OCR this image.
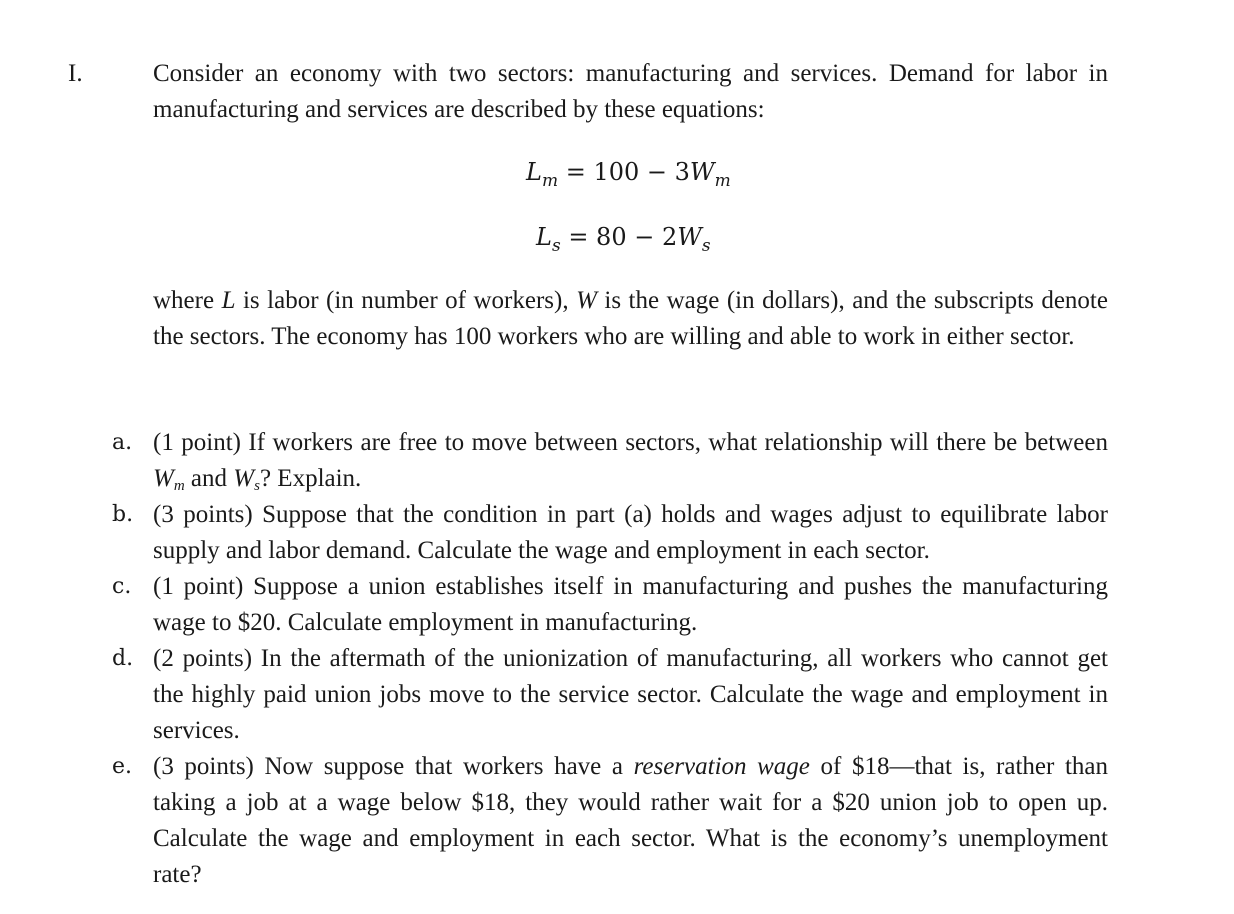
I.	Consider an economy with two sectors: manufacturing and services. Demand for labor in manufacturing and services are described by these equations:
$L_m = 100 - 3W_m$
$L_s = 80 - 2W_s$
where L is labor (in number of workers), W is the wage (in dollars), and the subscripts denote the sectors. The economy has 100 workers who are willing and able to work in either sector.
a. (1 point) If workers are free to move between sectors, what relationship will there be between $W_m$ and $W_s$? Explain.
b. (3 points) Suppose that the condition in part (a) holds and wages adjust to equilibrate labor supply and labor demand. Calculate the wage and employment in each sector.
c. (1 point) Suppose a union establishes itself in manufacturing and pushes the manufacturing wage to $20. Calculate employment in manufacturing.
d. (2 points) In the aftermath of the unionization of manufacturing, all workers who cannot get the highly paid union jobs move to the service sector. Calculate the wage and employment in services.
e. (3 points) Now suppose that workers have a reservation wage of $18—that is, rather than taking a job at a wage below $18, they would rather wait for a $20 union job to open up. Calculate the wage and employment in each sector. What is the economy’s unemployment rate?
